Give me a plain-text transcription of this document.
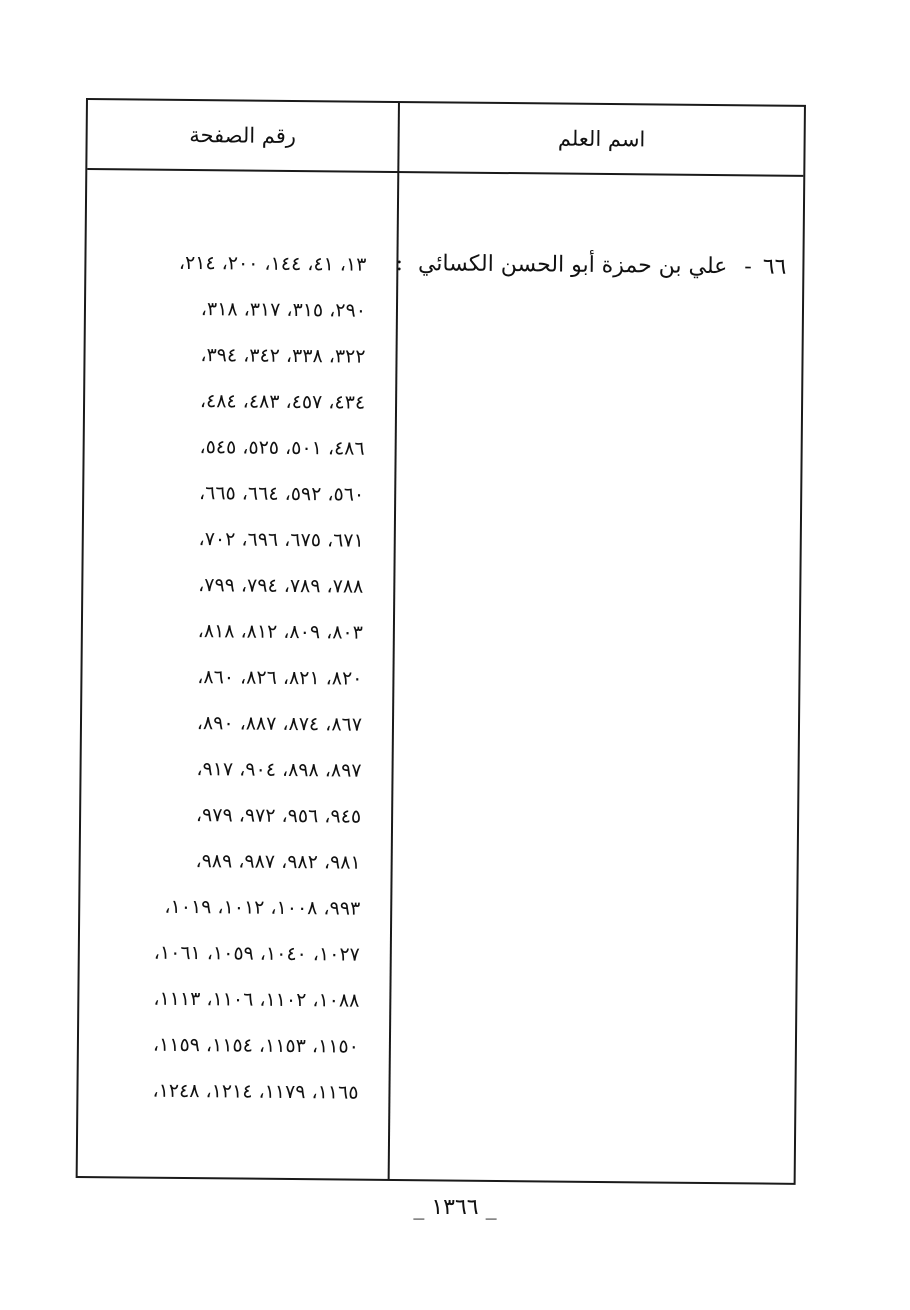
اسم العلم
رقم الصفحة
٦٦ - علي بن حمزة أبو الحسن الكسائي :
١٣، ٤١، ١٤٤، ٢٠٠، ٢١٤،
٢٩٠، ٣١٥، ٣١٧، ٣١٨،
٣٢٢، ٣٣٨، ٣٤٢، ٣٩٤،
٤٣٤، ٤٥٧، ٤٨٣، ٤٨٤،
٤٨٦، ٥٠١، ٥٢٥، ٥٤٥،
٥٦٠، ٥٩٢، ٦٦٤، ٦٦٥،
٦٧١، ٦٧٥، ٦٩٦، ٧٠٢،
٧٨٨، ٧٨٩، ٧٩٤، ٧٩٩،
٨٠٣، ٨٠٩، ٨١٢، ٨١٨،
٨٢٠، ٨٢١، ٨٢٦، ٨٦٠،
٨٦٧، ٨٧٤، ٨٨٧، ٨٩٠،
٨٩٧، ٨٩٨، ٩٠٤، ٩١٧،
٩٤٥، ٩٥٦، ٩٧٢، ٩٧٩،
٩٨١، ٩٨٢، ٩٨٧، ٩٨٩،
٩٩٣، ١٠٠٨، ١٠١٢، ١٠١٩،
١٠٢٧، ١٠٤٠، ١٠٥٩، ١٠٦١،
١٠٨٨، ١١٠٢، ١١٠٦، ١١١٣،
١١٥٠، ١١٥٣، ١١٥٤، ١١٥٩،
١١٦٥، ١١٧٩، ١٢١٤، ١٢٤٨،
_ ١٣٦٦ _
